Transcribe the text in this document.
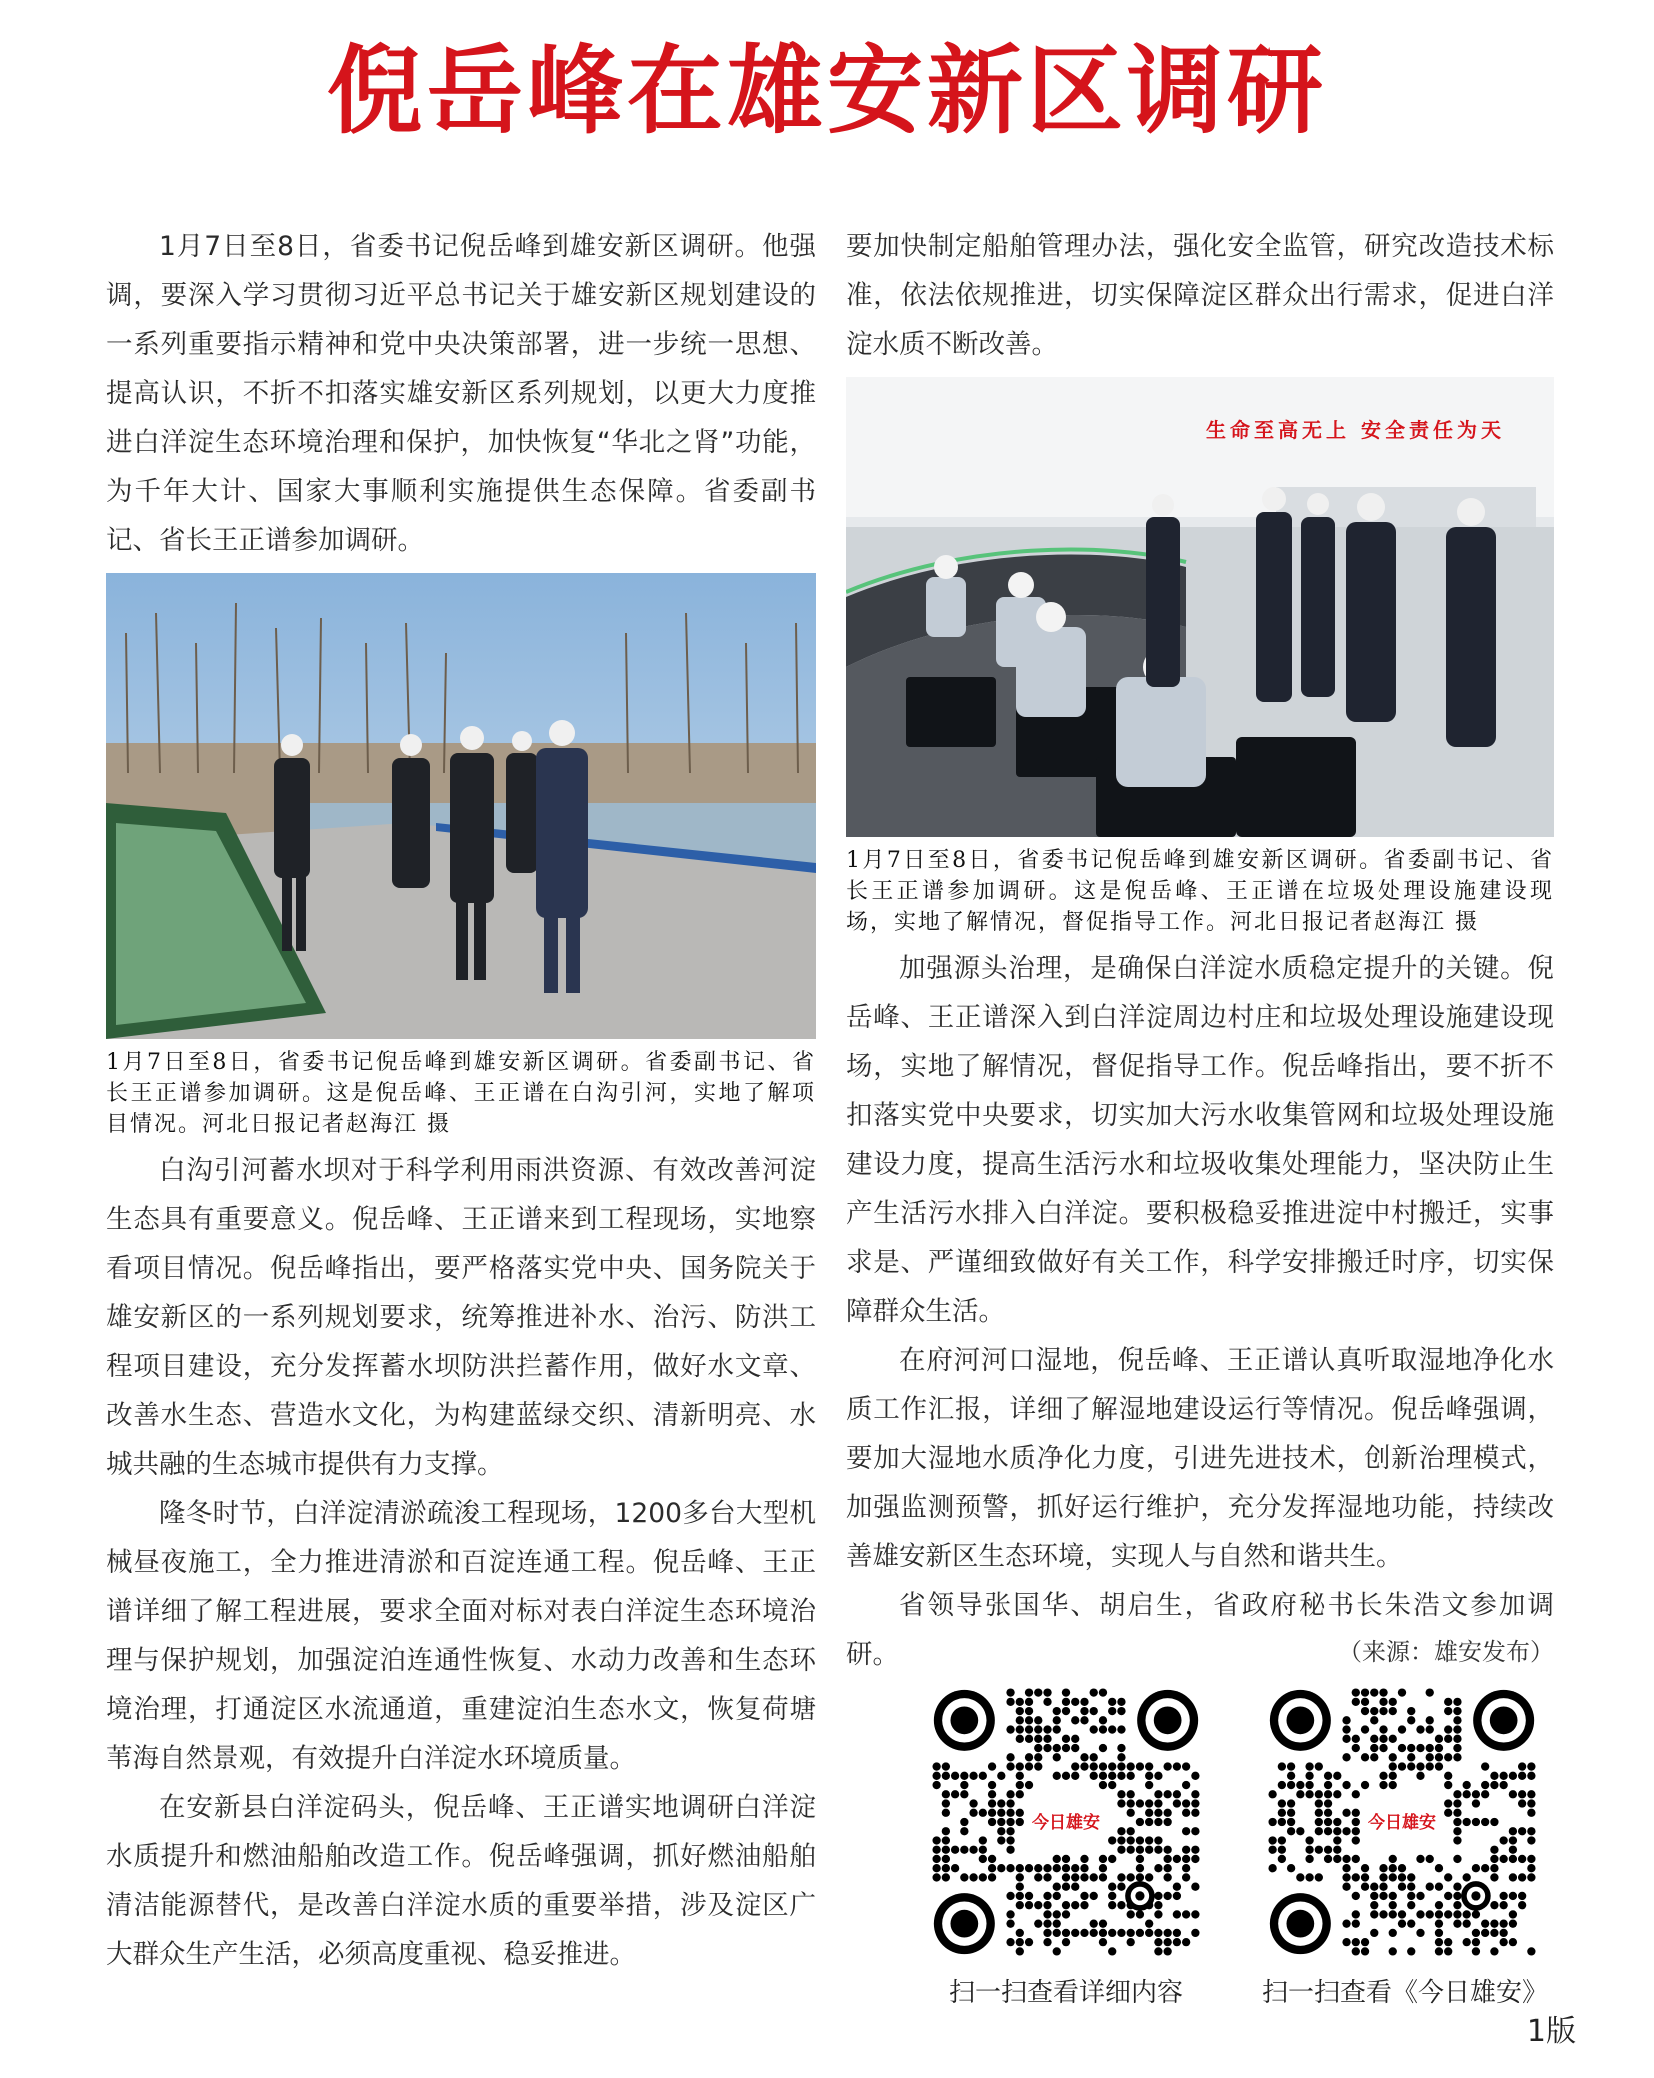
倪岳峰在雄安新区调研

1月7日至8日，省委书记倪岳峰到雄安新区调研。他强调，要深入学习贯彻习近平总书记关于雄安新区规划建设的一系列重要指示精神和党中央决策部署，进一步统一思想、提高认识，不折不扣落实雄安新区系列规划，以更大力度推进白洋淀生态环境治理和保护，加快恢复“华北之肾”功能，为千年大计、国家大事顺利实施提供生态保障。省委副书记、省长王正谱参加调研。

1月7日至8日，省委书记倪岳峰到雄安新区调研。省委副书记、省长王正谱参加调研。这是倪岳峰、王正谱在白沟引河，实地了解项目情况。河北日报记者赵海江 摄

白沟引河蓄水坝对于科学利用雨洪资源、有效改善河淀生态具有重要意义。倪岳峰、王正谱来到工程现场，实地察看项目情况。倪岳峰指出，要严格落实党中央、国务院关于雄安新区的一系列规划要求，统筹推进补水、治污、防洪工程项目建设，充分发挥蓄水坝防洪拦蓄作用，做好水文章、改善水生态、营造水文化，为构建蓝绿交织、清新明亮、水城共融的生态城市提供有力支撑。

隆冬时节，白洋淀清淤疏浚工程现场，1200多台大型机械昼夜施工，全力推进清淤和百淀连通工程。倪岳峰、王正谱详细了解工程进展，要求全面对标对表白洋淀生态环境治理与保护规划，加强淀泊连通性恢复、水动力改善和生态环境治理，打通淀区水流通道，重建淀泊生态水文，恢复荷塘苇海自然景观，有效提升白洋淀水环境质量。

在安新县白洋淀码头，倪岳峰、王正谱实地调研白洋淀水质提升和燃油船舶改造工作。倪岳峰强调，抓好燃油船舶清洁能源替代，是改善白洋淀水质的重要举措，涉及淀区广大群众生产生活，必须高度重视、稳妥推进。

要加快制定船舶管理办法，强化安全监管，研究改造技术标准，依法依规推进，切实保障淀区群众出行需求，促进白洋淀水质不断改善。

生命至高无上 安全责任为天
1月7日至8日，省委书记倪岳峰到雄安新区调研。省委副书记、省长王正谱参加调研。这是倪岳峰、王正谱在垃圾处理设施建设现场，实地了解情况，督促指导工作。河北日报记者赵海江 摄

加强源头治理，是确保白洋淀水质稳定提升的关键。倪岳峰、王正谱深入到白洋淀周边村庄和垃圾处理设施建设现场，实地了解情况，督促指导工作。倪岳峰指出，要不折不扣落实党中央要求，切实加大污水收集管网和垃圾处理设施建设力度，提高生活污水和垃圾收集处理能力，坚决防止生产生活污水排入白洋淀。要积极稳妥推进淀中村搬迁，实事求是、严谨细致做好有关工作，科学安排搬迁时序，切实保障群众生活。

在府河河口湿地，倪岳峰、王正谱认真听取湿地净化水质工作汇报，详细了解湿地建设运行等情况。倪岳峰强调，要加大湿地水质净化力度，引进先进技术，创新治理模式，加强监测预警，抓好运行维护，充分发挥湿地功能，持续改善雄安新区生态环境，实现人与自然和谐共生。

省领导张国华、胡启生，省政府秘书长朱浩文参加调研。	（来源：雄安发布）
今日雄安
扫一扫查看详细内容
今日雄安
扫一扫查看《今日雄安》
1版
